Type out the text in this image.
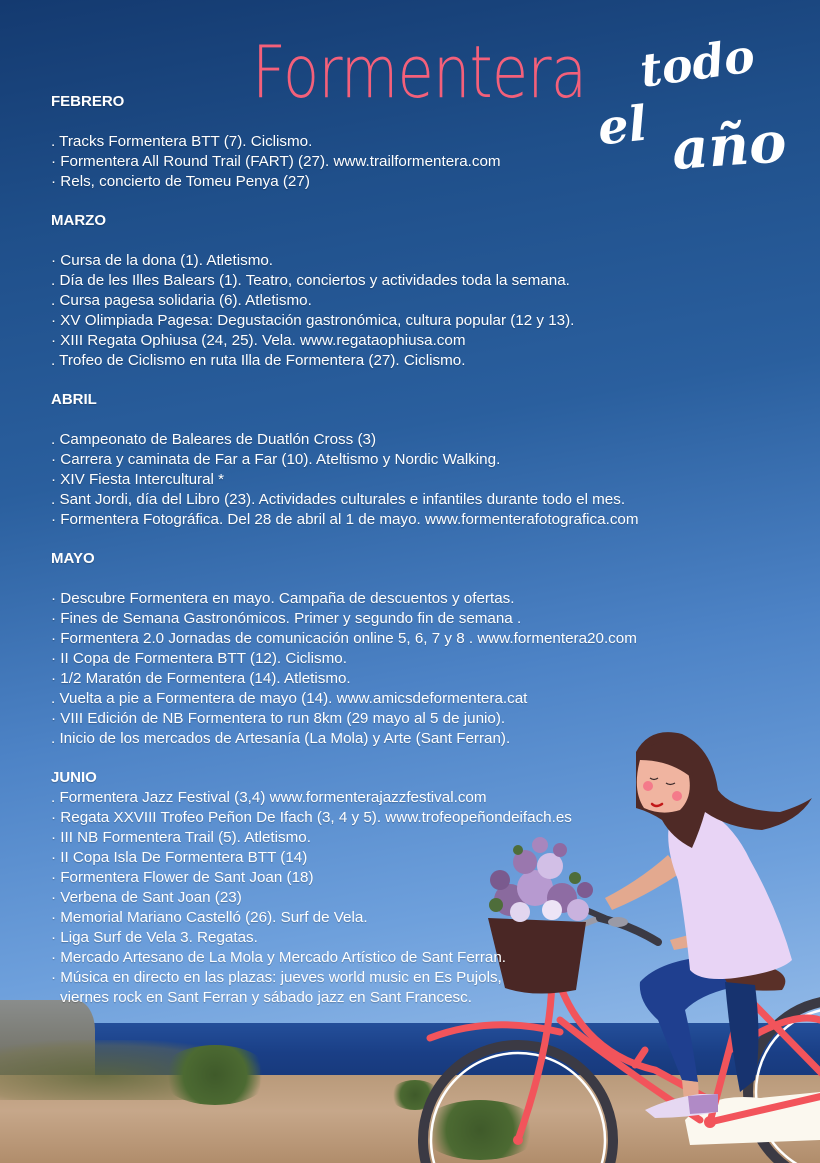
Formentera todo
el año
FEBRERO
. Tracks Formentera BTT (7). Ciclismo.
· Formentera All Round Trail (FART) (27). www.trailformentera.com
· Rels, concierto de Tomeu Penya (27)
MARZO
· Cursa de la dona (1). Atletismo.
. Día de les Illes Balears (1). Teatro, conciertos y actividades toda la semana.
. Cursa pagesa solidaria (6). Atletismo.
· XV Olimpiada Pagesa: Degustación gastronómica, cultura popular (12 y 13).
· XIII Regata Ophiusa (24, 25). Vela. www.regataophiusa.com
. Trofeo de Ciclismo en ruta Illa de Formentera (27). Ciclismo.
ABRIL
. Campeonato de Baleares de Duatlón Cross (3)
· Carrera y caminata de Far a Far (10). Ateltismo y Nordic Walking.
· XIV Fiesta Intercultural *
. Sant Jordi, día del Libro (23). Actividades culturales e infantiles durante todo el mes.
· Formentera Fotográfica. Del 28 de abril al 1 de mayo. www.formenterafotografica.com
MAYO
· Descubre Formentera en mayo. Campaña de descuentos y ofertas.
· Fines de Semana Gastronómicos. Primer y segundo fin de semana .
· Formentera 2.0 Jornadas de comunicación online 5, 6, 7 y 8 . www.formentera20.com
· II Copa de Formentera BTT (12). Ciclismo.
· 1/2 Maratón de Formentera (14). Atletismo.
. Vuelta a pie a Formentera de mayo (14). www.amicsdeformentera.cat
· VIII Edición de NB Formentera to run 8km (29 mayo al 5 de junio).
. Inicio de los mercados de Artesanía (La Mola) y Arte (Sant Ferran).
JUNIO
. Formentera Jazz Festival (3,4) www.formenterajazzfestival.com
· Regata XXVIII Trofeo Peñon De Ifach (3, 4 y 5). www.trofeopeñondeifach.es
· III NB Formentera Trail (5). Atletismo.
· II Copa Isla De Formentera BTT (14)
· Formentera Flower de Sant Joan (18)
· Verbena de Sant Joan (23)
· Memorial Mariano Castelló (26). Surf de Vela.
· Liga Surf de Vela 3. Regatas.
· Mercado Artesano de La Mola y Mercado Artístico de Sant Ferran.
· Música en directo en las plazas: jueves world music en Es Pujols,
viernes rock en Sant Ferran y sábado jazz en Sant Francesc.
